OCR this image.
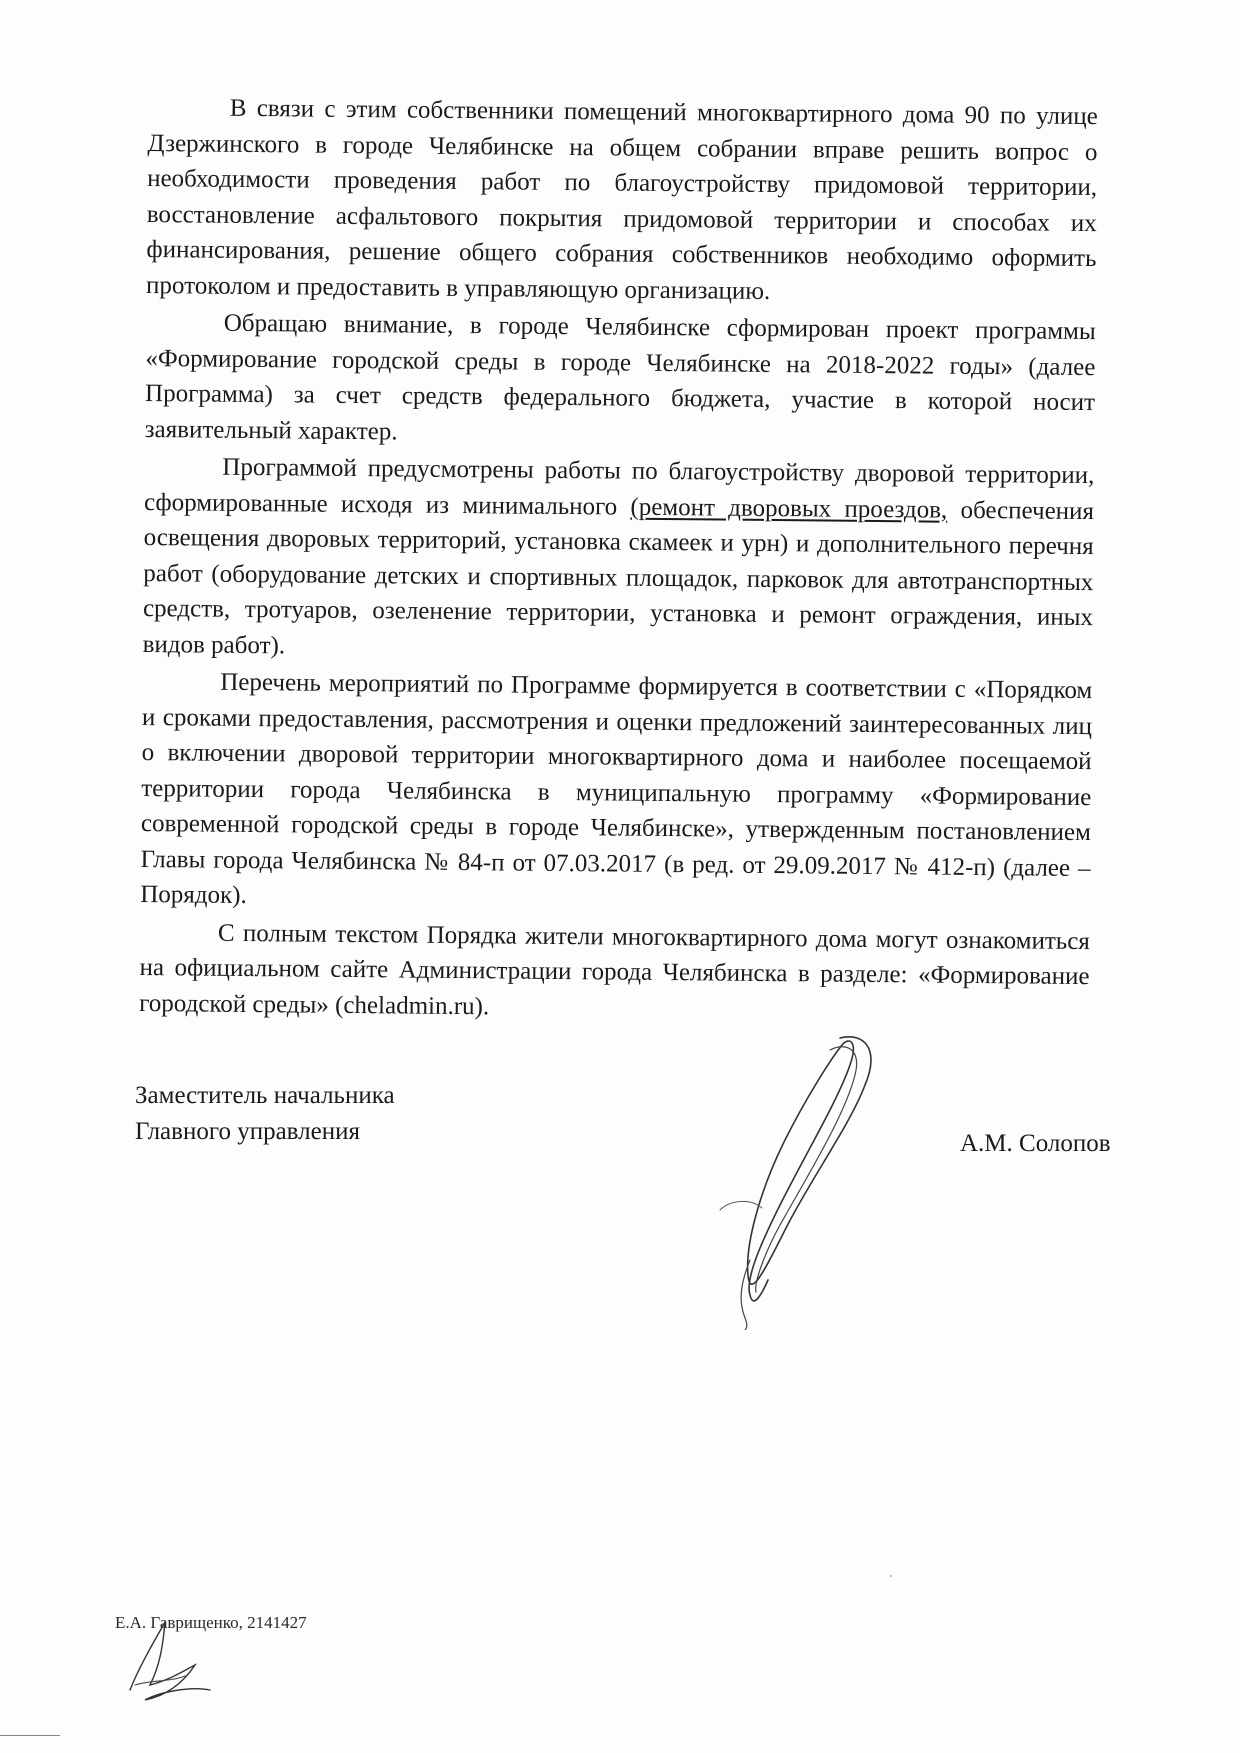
В связи с этим собственники помещений многоквартирного дома 90 по улице Дзержинского в городе Челябинске на общем собрании вправе решить вопрос о необходимости проведения работ по благоустройству придомовой территории, восстановление асфальтового покрытия придомовой территории и способах их финансирования, решение общего собрания собственников необходимо оформить протоколом и предоставить в управляющую организацию.

Обращаю внимание, в городе Челябинске сформирован проект программы «Формирование городской среды в городе Челябинске на 2018-2022 годы» (далее Программа) за счет средств федерального бюджета, участие в которой носит заявительный характер.

Программой предусмотрены работы по благоустройству дворовой территории, сформированные исходя из минимального (ремонт дворовых проездов, обеспечения освещения дворовых территорий, установка скамеек и урн) и дополнительного перечня работ (оборудование детских и спортивных площадок, парковок для автотранспортных средств, тротуаров, озеленение территории, установка и ремонт ограждения, иных видов работ).

Перечень мероприятий по Программе формируется в соответствии с «Порядком и сроками предоставления, рассмотрения и оценки предложений заинтересованных лиц о включении дворовой территории многоквартирного дома и наиболее посещаемой территории города Челябинска в муниципальную программу «Формирование современной городской среды в городе Челябинске», утвержденным постановлением Главы города Челябинска № 84-п от 07.03.2017 (в ред. от 29.09.2017 № 412-п) (далее – Порядок).

С полным текстом Порядка жители многоквартирного дома могут ознакомиться на официальном сайте Администрации города Челябинска в разделе: «Формирование городской среды» (cheladmin.ru).

Заместитель начальника
Главного управления	А.М. Солопов
Е.А. Гаврищенко, 2141427
